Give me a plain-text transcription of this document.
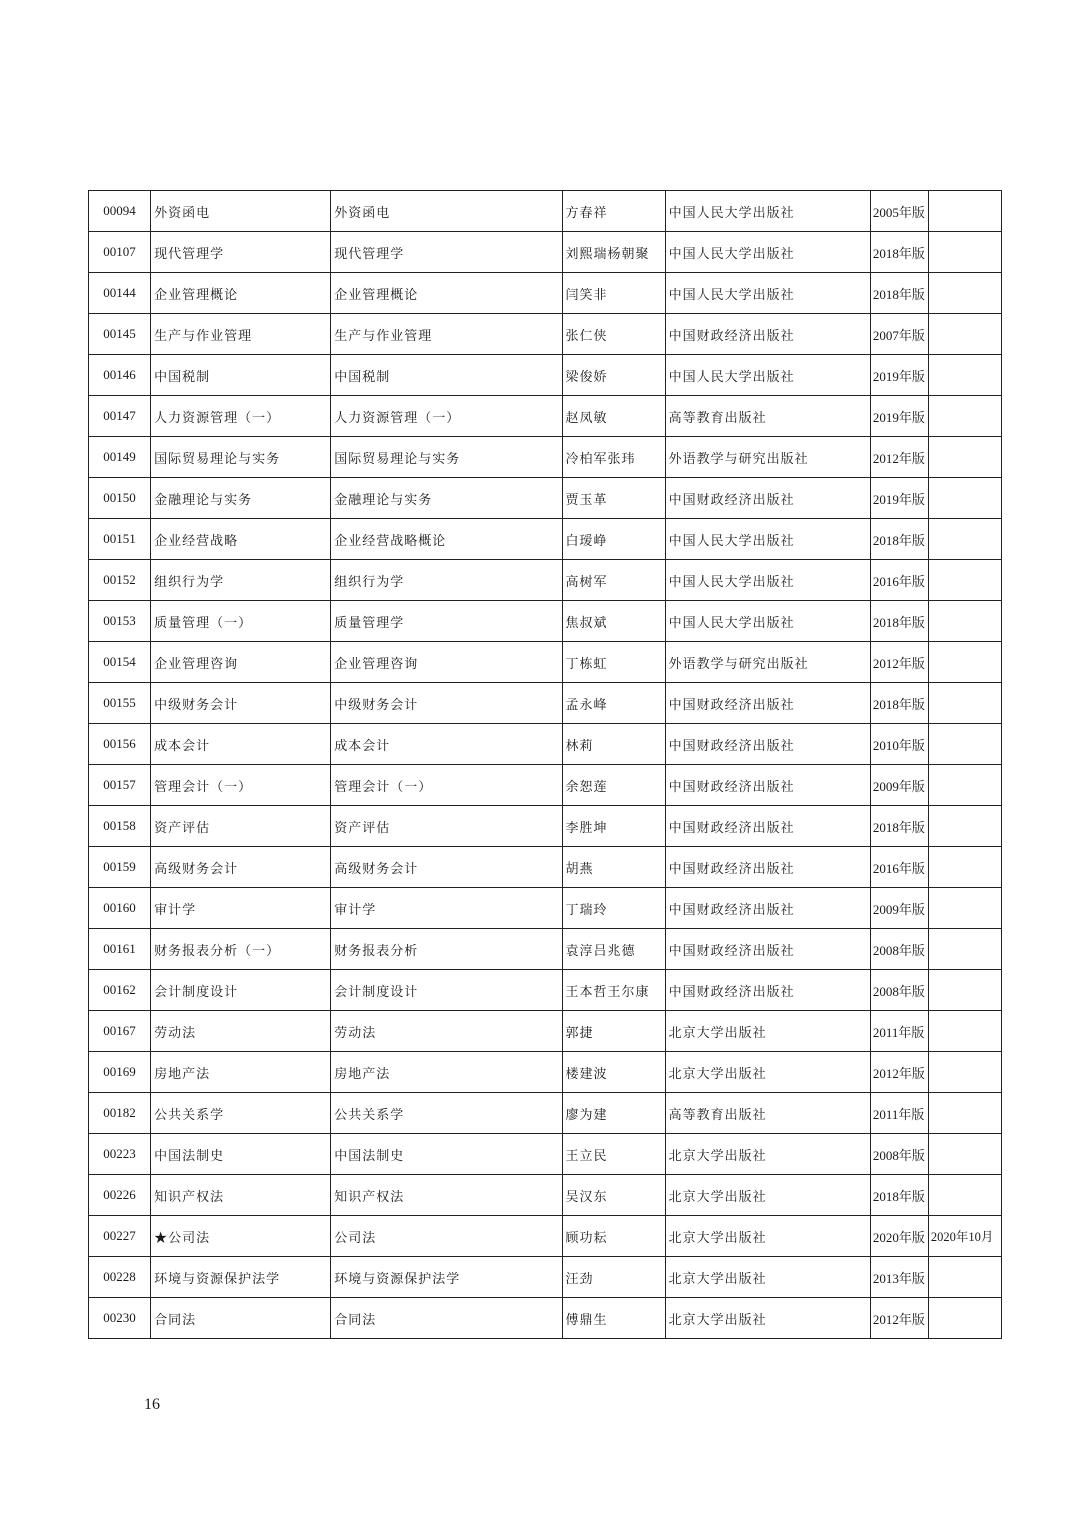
00094	外资函电	外资函电	方春祥	中国人民大学出版社	2005年版	
00107	现代管理学	现代管理学	刘熙瑞杨朝聚	中国人民大学出版社	2018年版	
00144	企业管理概论	企业管理概论	闫笑非	中国人民大学出版社	2018年版	
00145	生产与作业管理	生产与作业管理	张仁侠	中国财政经济出版社	2007年版	
00146	中国税制	中国税制	梁俊娇	中国人民大学出版社	2019年版	
00147	人力资源管理（一）	人力资源管理（一）	赵凤敏	高等教育出版社	2019年版	
00149	国际贸易理论与实务	国际贸易理论与实务	冷柏军张玮	外语教学与研究出版社	2012年版	
00150	金融理论与实务	金融理论与实务	贾玉革	中国财政经济出版社	2019年版	
00151	企业经营战略	企业经营战略概论	白瑷峥	中国人民大学出版社	2018年版	
00152	组织行为学	组织行为学	高树军	中国人民大学出版社	2016年版	
00153	质量管理（一）	质量管理学	焦叔斌	中国人民大学出版社	2018年版	
00154	企业管理咨询	企业管理咨询	丁栋虹	外语教学与研究出版社	2012年版	
00155	中级财务会计	中级财务会计	孟永峰	中国财政经济出版社	2018年版	
00156	成本会计	成本会计	林莉	中国财政经济出版社	2010年版	
00157	管理会计（一）	管理会计（一）	余恕莲	中国财政经济出版社	2009年版	
00158	资产评估	资产评估	李胜坤	中国财政经济出版社	2018年版	
00159	高级财务会计	高级财务会计	胡燕	中国财政经济出版社	2016年版	
00160	审计学	审计学	丁瑞玲	中国财政经济出版社	2009年版	
00161	财务报表分析（一）	财务报表分析	袁淳吕兆德	中国财政经济出版社	2008年版	
00162	会计制度设计	会计制度设计	王本哲王尔康	中国财政经济出版社	2008年版	
00167	劳动法	劳动法	郭捷	北京大学出版社	2011年版	
00169	房地产法	房地产法	楼建波	北京大学出版社	2012年版	
00182	公共关系学	公共关系学	廖为建	高等教育出版社	2011年版	
00223	中国法制史	中国法制史	王立民	北京大学出版社	2008年版	
00226	知识产权法	知识产权法	吴汉东	北京大学出版社	2018年版	
00227	★公司法	公司法	顾功耘	北京大学出版社	2020年版	2020年10月
00228	环境与资源保护法学	环境与资源保护法学	汪劲	北京大学出版社	2013年版	
00230	合同法	合同法	傅鼎生	北京大学出版社	2012年版	
16
